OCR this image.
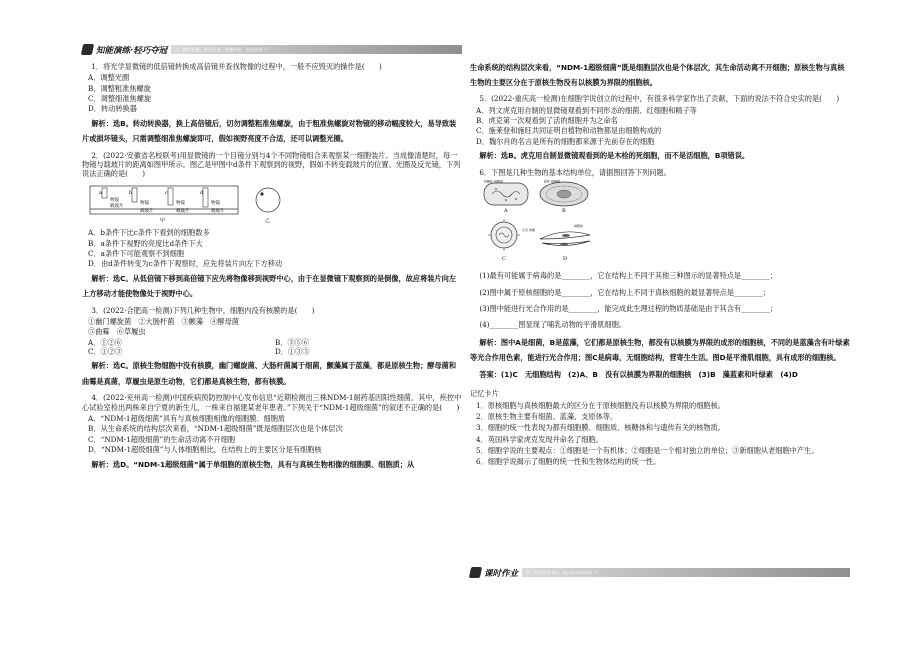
知能演练·轻巧夺冠	》》 随堂检测，即时反馈，查漏补缺，提高巩固 》》

1．将光学显微镜的低倍镜转换成高倍镜并查找物像的过程中，一般不应毁灭的操作是(　　)

A．调整光圈

B．调整粗准焦螺旋

C．调整细准焦螺旋

D．转动转换器

解析：选B。转动转换器，换上高倍镜后，切勿调整粗准焦螺旋，由于粗准焦螺旋对物镜的移动幅度较大，易导致装片或损坏镜头，只需调整细准焦螺旋即可，假如视野亮度不合适，还可以调整光圈。

2．(2022·安徽省名校联考)用显微镜的一个目镜分别与4个不同物镜组合来观察某一细胞装片。当成像清楚时，每一物镜与载玻片的距离如图甲所示。图乙是甲图中d条件下观察到的视野，假如不转变载玻片的位置、光圈及反光镜，下列说法正确的是(　　)

a	b	c	d
物镜
载玻片
物镜
载玻片
物镜
载玻片
物镜
载玻片
甲	乙

A．b条件下比c条件下看到的细胞数多

B．a条件下视野的亮度比d条件下大

C．a条件下可能观察不到细胞

D．由d条件转变为c条件下观察时，应先将装片向左下方移动

解析：选C。从低倍镜下移到高倍镜下应先将物像移到视野中心，由于在显微镜下观察到的是倒像，故应将装片向左上方移动才能使物像处于视野中心。

3．(2022·合肥高一检测)下列几种生物中，细胞内没有核膜的是(　　)

①幽门螺旋菌　②大肠杆菌　③颤藻　④酵母菌

⑤曲霉　⑥草履虫

A．①②⑥	B．③⑤⑥
C．①②③	D．①③⑤

解析：选C。原核生物细胞中没有核膜，幽门螺旋菌、大肠杆菌属于细菌，颤藻属于蓝藻，都是原核生物；酵母菌和曲霉是真菌，草履虫是原生动物，它们都是真核生物，都有核膜。

4．(2022·兖州高一检测)中国疾病预防控制中心发布信息“近期检测出三株NDM-1耐药基因阳性细菌。其中，疾控中心试验室检出两株来自宁夏的新生儿，一株来自福建某老年患者。”下列关于“NDM-1超级细菌”的叙述不正确的是(　　)

A．“NDM-1超级细菌”具有与真核细胞相像的细胞膜、细胞质

B．从生命系统的结构层次来看，“NDM-1超级细菌”既是细胞层次也是个体层次

C．“NDM-1超级细菌”的生命活动离不开细胞

D．“NDM-1超级细菌”与人体细胞相比，在结构上的主要区分是有细胞核

解析：选D。“NDM-1超级细菌”属于单细胞的原核生物，具有与真核生物相像的细胞膜、细胞质；从

生命系统的结构层次来看，“NDM-1超级细菌”既是细胞层次也是个体层次，其生命活动离不开细胞；原核生物与真核生物的主要区分在于原核生物没有以核膜为界限的细胞核。

5．(2022·重庆高一检测)在细胞学说创立的过程中，有很多科学家作出了贡献，下面的说法不符合史实的是(　　)

A．列文虎克用自制的显微镜观看到不同形态的细菌、红细胞和精子等

B．虎克第一次观看到了活的细胞并为之命名

C．施莱登和施旺共同证明自植物和动物都是由细胞构成的

D．魏尔肖的名言是所有的细胞都来源于先前存在的细胞

解析：选B。虎克用自制显微镜观看到的是木栓的死细胞，而不是活细胞，B项错误。

6．下图是几种生物的基本结构单位，请据图回答下列问题。

核糖体 细胞质
A
拟核 细胞壁
B
衣壳 核酸
C
细胞核
D

(1)最有可能属于病毒的是________，它在结构上不同于其他三种图示的显著特点是________；

(2)图中属于原核细胞的是________，它在结构上不同于真核细胞的最显著特点是________；

(3)图中能进行光合作用的是________，能完成此生理过程的物质基础是由于其含有________；

(4)________图显现了哺乳动物的平滑肌细胞。

解析：图中A是细菌，B是蓝藻，它们都是原核生物，都没有以核膜为界限的成形的细胞核，不同的是蓝藻含有叶绿素等光合作用色素，能进行光合作用；图C是病毒，无细胞结构，营寄生生活。图D是平滑肌细胞，具有成形的细胞核。

答案：(1)C　无细胞结构　(2)A、B　没有以核膜为界限的细胞核　(3)B　藻蓝素和叶绿素　(4)D

记忆卡片

1．原核细胞与真核细胞最大的区分在于原核细胞没有以核膜为界限的细胞核。

2．原核生物主要有细菌、蓝藻、支原体等。

3．细胞的统一性表现为都有细胞膜、细胞质、核糖体和与遗传有关的核物质。

4．英国科学家虎克发现并命名了细胞。

5．细胞学说的主要观点：①细胞是一个有机体；②细胞是一个相对独立的单位；③新细胞从老细胞中产生。

6．细胞学说揭示了细胞的统一性和生物体结构的统一性。

课时作业	》》 在学生用书中，此内容单独成册 》》
